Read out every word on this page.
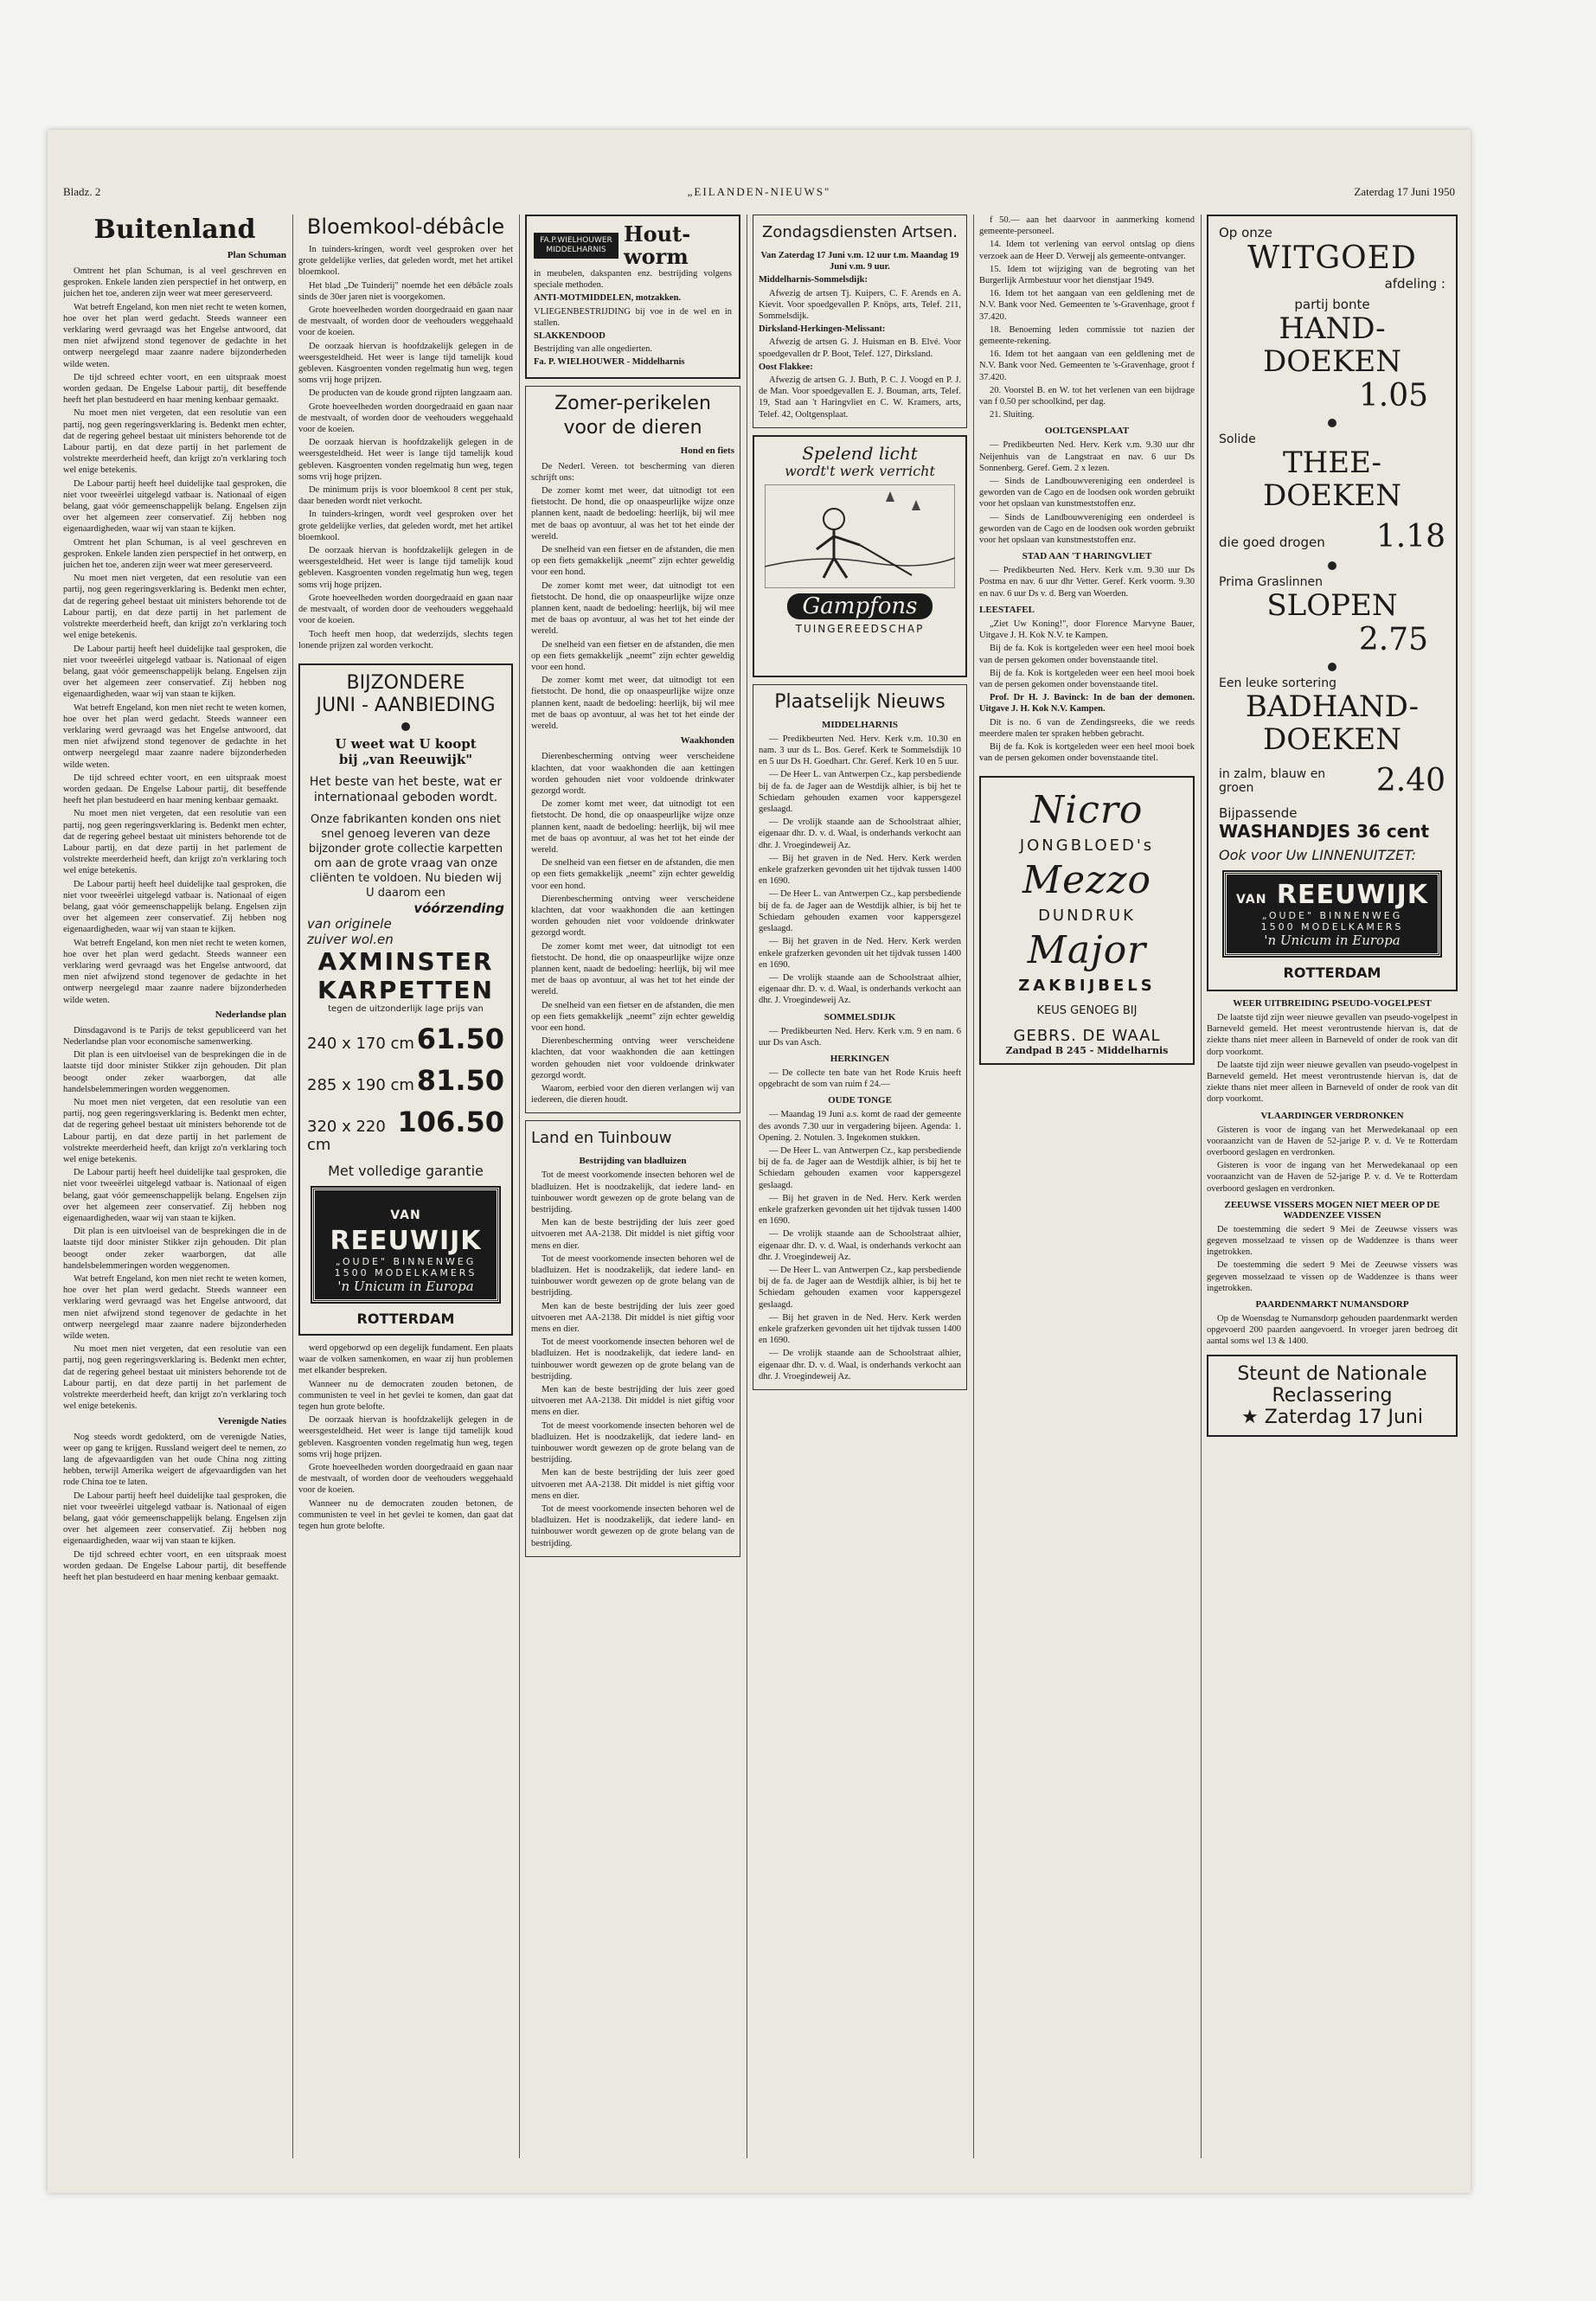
Bladz. 2	„EILANDEN-NIEUWS"	Zaterdag 17 Juni 1950
Buitenland
Plan Schuman

Omtrent het plan Schuman, is al veel geschreven en gesproken. Enkele landen zien perspectief in het ontwerp, en juichen het toe, anderen zijn weer wat meer gereserveerd.

Wat betreft Engeland, kon men niet recht te weten komen, hoe over het plan werd gedacht. Steeds wanneer een verklaring werd gevraagd was het Engelse antwoord, dat men niet afwijzend stond tegenover de gedachte in het ontwerp neergelegd maar zaanre nadere bijzonderheden wilde weten.

De tijd schreed echter voort, en een uitspraak moest worden gedaan. De Engelse Labour partij, dit beseffende heeft het plan bestudeerd en haar mening kenbaar gemaakt.

Nu moet men niet vergeten, dat een resolutie van een partij, nog geen regeringsverklaring is. Bedenkt men echter, dat de regering geheel bestaat uit ministers behorende tot de Labour partij, en dat deze partij in het parlement de volstrekte meerderheid heeft, dan krijgt zo'n verklaring toch wel enige betekenis.

De Labour partij heeft heel duidelijke taal gesproken, die niet voor tweeërlei uitgelegd vatbaar is. Nationaal of eigen belang, gaat vóór gemeenschappelijk belang. Engelsen zijn over het algemeen zeer conservatief. Zij hebben nog eigenaardigheden, waar wij van staan te kijken.

Omtrent het plan Schuman, is al veel geschreven en gesproken. Enkele landen zien perspectief in het ontwerp, en juichen het toe, anderen zijn weer wat meer gereserveerd.

Nu moet men niet vergeten, dat een resolutie van een partij, nog geen regeringsverklaring is. Bedenkt men echter, dat de regering geheel bestaat uit ministers behorende tot de Labour partij, en dat deze partij in het parlement de volstrekte meerderheid heeft, dan krijgt zo'n verklaring toch wel enige betekenis.

De Labour partij heeft heel duidelijke taal gesproken, die niet voor tweeërlei uitgelegd vatbaar is. Nationaal of eigen belang, gaat vóór gemeenschappelijk belang. Engelsen zijn over het algemeen zeer conservatief. Zij hebben nog eigenaardigheden, waar wij van staan te kijken.

Wat betreft Engeland, kon men niet recht te weten komen, hoe over het plan werd gedacht. Steeds wanneer een verklaring werd gevraagd was het Engelse antwoord, dat men niet afwijzend stond tegenover de gedachte in het ontwerp neergelegd maar zaanre nadere bijzonderheden wilde weten.

De tijd schreed echter voort, en een uitspraak moest worden gedaan. De Engelse Labour partij, dit beseffende heeft het plan bestudeerd en haar mening kenbaar gemaakt.

Nu moet men niet vergeten, dat een resolutie van een partij, nog geen regeringsverklaring is. Bedenkt men echter, dat de regering geheel bestaat uit ministers behorende tot de Labour partij, en dat deze partij in het parlement de volstrekte meerderheid heeft, dan krijgt zo'n verklaring toch wel enige betekenis.

De Labour partij heeft heel duidelijke taal gesproken, die niet voor tweeërlei uitgelegd vatbaar is. Nationaal of eigen belang, gaat vóór gemeenschappelijk belang. Engelsen zijn over het algemeen zeer conservatief. Zij hebben nog eigenaardigheden, waar wij van staan te kijken.

Wat betreft Engeland, kon men niet recht te weten komen, hoe over het plan werd gedacht. Steeds wanneer een verklaring werd gevraagd was het Engelse antwoord, dat men niet afwijzend stond tegenover de gedachte in het ontwerp neergelegd maar zaanre nadere bijzonderheden wilde weten.

Nederlandse plan

Dinsdagavond is te Parijs de tekst gepubliceerd van het Nederlandse plan voor economische samenwerking.

Dit plan is een uitvloeisel van de besprekingen die in de laatste tijd door minister Stikker zijn gehouden. Dit plan beoogt onder zeker waarborgen, dat alle handelsbelemmeringen worden weggenomen.

Nu moet men niet vergeten, dat een resolutie van een partij, nog geen regeringsverklaring is. Bedenkt men echter, dat de regering geheel bestaat uit ministers behorende tot de Labour partij, en dat deze partij in het parlement de volstrekte meerderheid heeft, dan krijgt zo'n verklaring toch wel enige betekenis.

De Labour partij heeft heel duidelijke taal gesproken, die niet voor tweeërlei uitgelegd vatbaar is. Nationaal of eigen belang, gaat vóór gemeenschappelijk belang. Engelsen zijn over het algemeen zeer conservatief. Zij hebben nog eigenaardigheden, waar wij van staan te kijken.

Dit plan is een uitvloeisel van de besprekingen die in de laatste tijd door minister Stikker zijn gehouden. Dit plan beoogt onder zeker waarborgen, dat alle handelsbelemmeringen worden weggenomen.

Wat betreft Engeland, kon men niet recht te weten komen, hoe over het plan werd gedacht. Steeds wanneer een verklaring werd gevraagd was het Engelse antwoord, dat men niet afwijzend stond tegenover de gedachte in het ontwerp neergelegd maar zaanre nadere bijzonderheden wilde weten.

Nu moet men niet vergeten, dat een resolutie van een partij, nog geen regeringsverklaring is. Bedenkt men echter, dat de regering geheel bestaat uit ministers behorende tot de Labour partij, en dat deze partij in het parlement de volstrekte meerderheid heeft, dan krijgt zo'n verklaring toch wel enige betekenis.

Verenigde Naties

Nog steeds wordt gedokterd, om de verenigde Naties, weer op gang te krijgen. Russland weigert deel te nemen, zo lang de afgevaardigden van het oude China nog zitting hebben, terwijl Amerika weigert de afgevaardigden van het rode China toe te laten.

De Labour partij heeft heel duidelijke taal gesproken, die niet voor tweeërlei uitgelegd vatbaar is. Nationaal of eigen belang, gaat vóór gemeenschappelijk belang. Engelsen zijn over het algemeen zeer conservatief. Zij hebben nog eigenaardigheden, waar wij van staan te kijken.

De tijd schreed echter voort, en een uitspraak moest worden gedaan. De Engelse Labour partij, dit beseffende heeft het plan bestudeerd en haar mening kenbaar gemaakt.

Bloemkool-débâcle

In tuinders-kringen, wordt veel gesproken over het grote geldelijke verlies, dat geleden wordt, met het artikel bloemkool.

Het blad „De Tuinderij" noemde het een débâcle zoals sinds de 30er jaren niet is voorgekomen.

Grote hoeveelheden worden doorgedraaid en gaan naar de mestvaalt, of worden door de veehouders weggehaald voor de koeien.

De oorzaak hiervan is hoofdzakelijk gelegen in de weersgesteldheid. Het weer is lange tijd tamelijk koud gebleven. Kasgroenten vonden regelmatig hun weg, tegen soms vrij hoge prijzen.

De producten van de koude grond rijpten langzaam aan.

Grote hoeveelheden worden doorgedraaid en gaan naar de mestvaalt, of worden door de veehouders weggehaald voor de koeien.

De oorzaak hiervan is hoofdzakelijk gelegen in de weersgesteldheid. Het weer is lange tijd tamelijk koud gebleven. Kasgroenten vonden regelmatig hun weg, tegen soms vrij hoge prijzen.

De minimum prijs is voor bloemkool 8 cent per stuk, daar beneden wordt niet verkocht.

In tuinders-kringen, wordt veel gesproken over het grote geldelijke verlies, dat geleden wordt, met het artikel bloemkool.

De oorzaak hiervan is hoofdzakelijk gelegen in de weersgesteldheid. Het weer is lange tijd tamelijk koud gebleven. Kasgroenten vonden regelmatig hun weg, tegen soms vrij hoge prijzen.

Grote hoeveelheden worden doorgedraaid en gaan naar de mestvaalt, of worden door de veehouders weggehaald voor de koeien.

Toch heeft men hoop, dat wederzijds, slechts tegen lonende prijzen zal worden verkocht.

BIJZONDERE
JUNI - AANBIEDING
U weet wat U koopt
bij „van Reeuwijk"
Het beste van het beste, wat er internationaal geboden wordt.
Onze fabrikanten konden ons niet snel genoeg leveren van deze bijzonder grote collectie karpetten om aan de grote vraag van onze cliënten te voldoen. Nu bieden wij U daarom een
vóórzending
van originele zuiver wol.en
AXMINSTER
KARPETTEN
tegen de uitzonderlijk lage prijs van
240 x 170 cm 61.50
285 x 190 cm 81.50
320 x 220 cm
106.50
Met volledige garantie
VAN REEUWIJK
„OUDE" BINNENWEG
1500 MODELKAMERS
'n Unicum in Europa
ROTTERDAM

werd opgeborwd op een degelijk fundament. Een plaats waar de volken samenkomen, en waar zij hun problemen met elkander bespreken.

Wanneer nu de democraten zouden betonen, de communisten te veel in het gevlei te komen, dan gaat dat tegen hun grote belofte.

De oorzaak hiervan is hoofdzakelijk gelegen in de weersgesteldheid. Het weer is lange tijd tamelijk koud gebleven. Kasgroenten vonden regelmatig hun weg, tegen soms vrij hoge prijzen.

Grote hoeveelheden worden doorgedraaid en gaan naar de mestvaalt, of worden door de veehouders weggehaald voor de koeien.

Wanneer nu de democraten zouden betonen, de communisten te veel in het gevlei te komen, dan gaat dat tegen hun grote belofte.

FA.P.WIELHOUWER
MIDDELHARNIS
Hout-
worm

in meubelen, dakspanten enz. bestrijding volgens speciale methoden.

ANTI-MOTMIDDELEN, motzakken.

VLIEGENBESTRIJDING bij voe in de wel en in stallen.

SLAKKENDOOD

Bestrijding van alle ongedierten.

Fa. P. WIELHOUWER - Middelharnis

Zomer-perikelen voor de dieren
Hond en fiets

De Nederl. Vereen. tot bescherming van dieren schrijft ons:

De zomer komt met weer, dat uitnodigt tot een fietstocht. De hond, die op onaaspeurlijke wijze onze plannen kent, naadt de bedoeling: heerlijk, bij wil mee met de baas op avontuur, al was het tot het einde der wereld.

De snelheid van een fietser en de afstanden, die men op een fiets gemakkelijk „neemt" zijn echter geweldig voor een hond.

De zomer komt met weer, dat uitnodigt tot een fietstocht. De hond, die op onaaspeurlijke wijze onze plannen kent, naadt de bedoeling: heerlijk, bij wil mee met de baas op avontuur, al was het tot het einde der wereld.

De snelheid van een fietser en de afstanden, die men op een fiets gemakkelijk „neemt" zijn echter geweldig voor een hond.

De zomer komt met weer, dat uitnodigt tot een fietstocht. De hond, die op onaaspeurlijke wijze onze plannen kent, naadt de bedoeling: heerlijk, bij wil mee met de baas op avontuur, al was het tot het einde der wereld.

Waakhonden

Dierenbescherming ontving weer verscheidene klachten, dat voor waakhonden die aan kettingen worden gehouden niet voor voldoende drinkwater gezorgd wordt.

De zomer komt met weer, dat uitnodigt tot een fietstocht. De hond, die op onaaspeurlijke wijze onze plannen kent, naadt de bedoeling: heerlijk, bij wil mee met de baas op avontuur, al was het tot het einde der wereld.

De snelheid van een fietser en de afstanden, die men op een fiets gemakkelijk „neemt" zijn echter geweldig voor een hond.

Dierenbescherming ontving weer verscheidene klachten, dat voor waakhonden die aan kettingen worden gehouden niet voor voldoende drinkwater gezorgd wordt.

De zomer komt met weer, dat uitnodigt tot een fietstocht. De hond, die op onaaspeurlijke wijze onze plannen kent, naadt de bedoeling: heerlijk, bij wil mee met de baas op avontuur, al was het tot het einde der wereld.

De snelheid van een fietser en de afstanden, die men op een fiets gemakkelijk „neemt" zijn echter geweldig voor een hond.

Dierenbescherming ontving weer verscheidene klachten, dat voor waakhonden die aan kettingen worden gehouden niet voor voldoende drinkwater gezorgd wordt.

Waarom, eerbied voor den dieren verlangen wij van iedereen, die dieren houdt.

Land en Tuinbouw
Bestrijding van bladluizen

Tot de meest voorkomende insecten behoren wel de bladluizen. Het is noodzakelijk, dat iedere land- en tuinbouwer wordt gewezen op de grote belang van de bestrijding.

Men kan de beste bestrijding der luis zeer goed uitvoeren met AA-2138. Dit middel is niet giftig voor mens en dier.

Tot de meest voorkomende insecten behoren wel de bladluizen. Het is noodzakelijk, dat iedere land- en tuinbouwer wordt gewezen op de grote belang van de bestrijding.

Men kan de beste bestrijding der luis zeer goed uitvoeren met AA-2138. Dit middel is niet giftig voor mens en dier.

Tot de meest voorkomende insecten behoren wel de bladluizen. Het is noodzakelijk, dat iedere land- en tuinbouwer wordt gewezen op de grote belang van de bestrijding.

Men kan de beste bestrijding der luis zeer goed uitvoeren met AA-2138. Dit middel is niet giftig voor mens en dier.

Tot de meest voorkomende insecten behoren wel de bladluizen. Het is noodzakelijk, dat iedere land- en tuinbouwer wordt gewezen op de grote belang van de bestrijding.

Men kan de beste bestrijding der luis zeer goed uitvoeren met AA-2138. Dit middel is niet giftig voor mens en dier.

Tot de meest voorkomende insecten behoren wel de bladluizen. Het is noodzakelijk, dat iedere land- en tuinbouwer wordt gewezen op de grote belang van de bestrijding.

Zondagsdiensten Artsen.

Van Zaterdag 17 Juni v.m. 12 uur t.m. Maandag 19 Juni v.m. 9 uur.

Middelharnis-Sommelsdijk:

Afwezig de artsen Tj. Kuipers, C. F. Arends en A. Kievit. Voor spoedgevallen P. Knöps, arts, Telef. 211, Sommelsdijk.

Dirksland-Herkingen-Melissant:

Afwezig de artsen G. J. Huisman en B. Elvé. Voor spoedgevallen dr P. Boot, Telef. 127, Dirksland.

Oost Flakkee:

Afwezig de artsen G. J. Buth, P. C. J. Voogd en P. J. de Man. Voor spoedgevallen E. J. Bouman, arts, Telef. 19, Stad aan 't Haringvliet en C. W. Kramers, arts, Telef. 42, Ooltgensplaat.

Spelend licht
wordt't werk verricht
Gampfons
TUINGEREEDSCHAP
Plaatselijk Nieuws
MIDDELHARNIS

— Predikbeurten Ned. Herv. Kerk v.m. 10.30 en nam. 3 uur ds L. Bos. Geref. Kerk te Sommelsdijk 10 en 5 uur Ds H. Goedhart. Chr. Geref. Kerk 10 en 5 uur.

— De Heer L. van Antwerpen Cz., kap persbediende bij de fa. de Jager aan de Westdijk alhier, is bij het te Schiedam gehouden examen voor kappersgezel geslaagd.

— De vrolijk staande aan de Schoolstraat alhier, eigenaar dhr. D. v. d. Waal, is onderhands verkocht aan dhr. J. Vroegindeweij Az.

— Bij het graven in de Ned. Herv. Kerk werden enkele grafzerken gevonden uit het tijdvak tussen 1400 en 1690.

— De Heer L. van Antwerpen Cz., kap persbediende bij de fa. de Jager aan de Westdijk alhier, is bij het te Schiedam gehouden examen voor kappersgezel geslaagd.

— Bij het graven in de Ned. Herv. Kerk werden enkele grafzerken gevonden uit het tijdvak tussen 1400 en 1690.

— De vrolijk staande aan de Schoolstraat alhier, eigenaar dhr. D. v. d. Waal, is onderhands verkocht aan dhr. J. Vroegindeweij Az.

SOMMELSDIJK

— Predikbeurten Ned. Herv. Kerk v.m. 9 en nam. 6 uur Ds van Asch.

HERKINGEN

— De collecte ten bate van het Rode Kruis heeft opgebracht de som van ruim f 24.—

OUDE TONGE

— Maandag 19 Juni a.s. komt de raad der gemeente des avonds 7.30 uur in vergadering bijeen. Agenda: 1. Opening. 2. Notulen. 3. Ingekomen stukken.

— De Heer L. van Antwerpen Cz., kap persbediende bij de fa. de Jager aan de Westdijk alhier, is bij het te Schiedam gehouden examen voor kappersgezel geslaagd.

— Bij het graven in de Ned. Herv. Kerk werden enkele grafzerken gevonden uit het tijdvak tussen 1400 en 1690.

— De vrolijk staande aan de Schoolstraat alhier, eigenaar dhr. D. v. d. Waal, is onderhands verkocht aan dhr. J. Vroegindeweij Az.

— De Heer L. van Antwerpen Cz., kap persbediende bij de fa. de Jager aan de Westdijk alhier, is bij het te Schiedam gehouden examen voor kappersgezel geslaagd.

— Bij het graven in de Ned. Herv. Kerk werden enkele grafzerken gevonden uit het tijdvak tussen 1400 en 1690.

— De vrolijk staande aan de Schoolstraat alhier, eigenaar dhr. D. v. d. Waal, is onderhands verkocht aan dhr. J. Vroegindeweij Az.

f 50.— aan het daarvoor in aanmerking komend gemeente-personeel.

14. Idem tot verlening van eervol ontslag op diens verzoek aan de Heer D. Verwejj als gemeente-ontvanger.

15. Idem tot wijziging van de begroting van het Burgerlijk Armbestuur voor het dienstjaar 1949.

16. Idem tot het aangaan van een geldlening met de N.V. Bank voor Ned. Gemeenten te 's-Gravenhage, groot f 37.420.

18. Benoeming leden commissie tot nazien der gemeente-rekening.

16. Idem tot het aangaan van een geldlening met de N.V. Bank voor Ned. Gemeenten te 's-Gravenhage, groot f 37.420.

20. Voorstel B. en W. tot het verlenen van een bijdrage van f 0.50 per schoolkind, per dag.

21. Sluiting.

OOLTGENSPLAAT

— Predikbeurten Ned. Herv. Kerk v.m. 9.30 uur dhr Neijenhuis van de Langstraat en nav. 6 uur Ds Sonnenberg. Geref. Gem. 2 x lezen.

— Sinds de Landbouwvereniging een onderdeel is geworden van de Cago en de loodsen ook worden gebruikt voor het opslaan van kunstmeststoffen enz.

— Sinds de Landbouwvereniging een onderdeel is geworden van de Cago en de loodsen ook worden gebruikt voor het opslaan van kunstmeststoffen enz.

STAD AAN 'T HARINGVLIET

— Predikbeurten Ned. Herv. Kerk v.m. 9.30 uur Ds Postma en nav. 6 uur dhr Vetter. Geref. Kerk voorm. 9.30 en nav. 6 uur Ds v. d. Berg van Woerden.

LEESTAFEL

„Ziet Uw Koning!", door Florence Marvyne Bauer, Uitgave J. H. Kok N.V. te Kampen.

Bij de fa. Kok is kortgeleden weer een heel mooi boek van de persen gekomen onder bovenstaande titel.

Bij de fa. Kok is kortgeleden weer een heel mooi boek van de persen gekomen onder bovenstaande titel.

Prof. Dr H. J. Bavinck: In de ban der demonen. Uitgave J. H. Kok N.V. Kampen.

Dit is no. 6 van de Zendingsreeks, die we reeds meerdere malen ter spraken hebben gebracht.

Bij de fa. Kok is kortgeleden weer een heel mooi boek van de persen gekomen onder bovenstaande titel.

Nicro
JONGBLOED's
Mezzo
DUNDRUK
Major
ZAKBIJBELS
KEUS GENOEG BIJ
GEBRS. DE WAAL
Zandpad B 245 - Middelharnis
Op onze
WITGOED
afdeling :
partij bonte
HAND-
DOEKEN
1.05
Solide
THEE-
DOEKEN
die goed drogen 1.18
Prima Graslinnen
SLOPEN
2.75
Een leuke sortering
BADHAND-
DOEKEN
in zalm, blauw en groen	2.40
Bijpassende
WASHANDJES 36 cent
Ook voor Uw LINNENUITZET:
VAN REEUWIJK
„OUDE" BINNENWEG
1500 MODELKAMERS
'n Unicum in Europa
ROTTERDAM
WEER UITBREIDING PSEUDO-VOGELPEST

De laatste tijd zijn weer nieuwe gevallen van pseudo-vogelpest in Barneveld gemeld. Het meest verontrustende hiervan is, dat de ziekte thans niet meer alleen in Barneveld of onder de rook van dit dorp voorkomt.

De laatste tijd zijn weer nieuwe gevallen van pseudo-vogelpest in Barneveld gemeld. Het meest verontrustende hiervan is, dat de ziekte thans niet meer alleen in Barneveld of onder de rook van dit dorp voorkomt.

VLAARDINGER VERDRONKEN

Gisteren is voor de ingang van het Merwedekanaal op een vooraanzicht van de Haven de 52-jarige P. v. d. Ve te Rotterdam overboord geslagen en verdronken.

Gisteren is voor de ingang van het Merwedekanaal op een vooraanzicht van de Haven de 52-jarige P. v. d. Ve te Rotterdam overboord geslagen en verdronken.

ZEEUWSE VISSERS MOGEN NIET MEER OP DE WADDENZEE VISSEN

De toestemming die sedert 9 Mei de Zeeuwse vissers was gegeven mosselzaad te vissen op de Waddenzee is thans weer ingetrokken.

De toestemming die sedert 9 Mei de Zeeuwse vissers was gegeven mosselzaad te vissen op de Waddenzee is thans weer ingetrokken.

PAARDENMARKT NUMANSDORP

Op de Woensdag te Numansdorp gehouden paardenmarkt werden opgevoerd 200 paarden aangevoerd. In vroeger jaren bedroeg dit aantal soms wel 13 & 1400.

Steunt de Nationale
Reclassering
★ Zaterdag 17 Juni
